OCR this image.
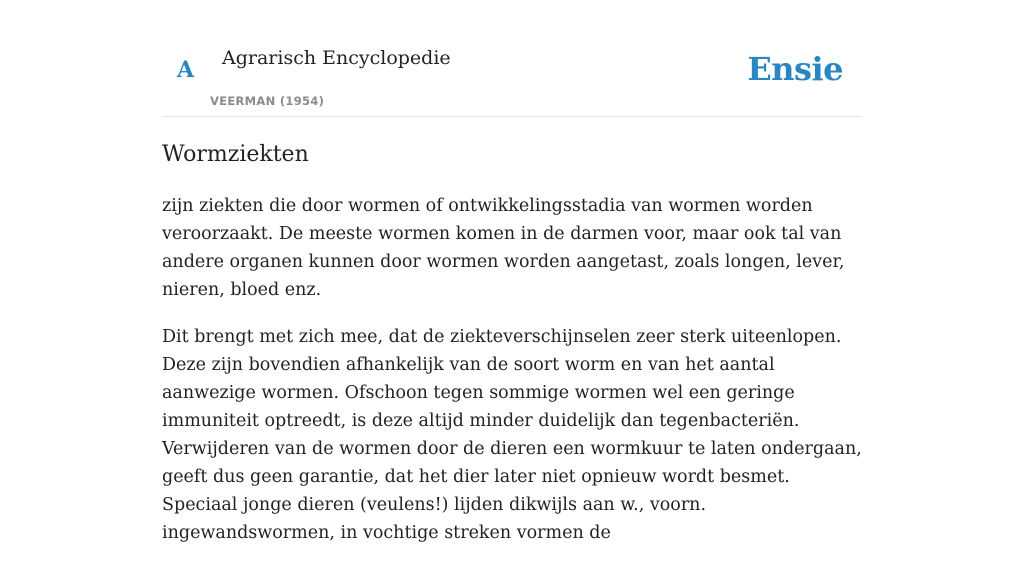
A Agrarisch Encyclopedie
VEERMAN (1954)
Ensie
Wormziekten

zijn ziekten die door wormen of ontwikkelingsstadia van wormen worden veroorzaakt. De meeste wormen komen in de darmen voor, maar ook tal van andere organen kunnen door wormen worden aangetast, zoals longen, lever, nieren, bloed enz.

Dit brengt met zich mee, dat de ziekteverschijnselen zeer sterk uiteenlopen. Deze zijn bovendien afhankelijk van de soort worm en van het aantal aanwezige wormen. Ofschoon tegen sommige wormen wel een geringe immuniteit optreedt, is deze altijd minder duidelijk dan tegenbacteriën. Verwijderen van de wormen door de dieren een wormkuur te laten ondergaan, geeft dus geen garantie, dat het dier later niet opnieuw wordt besmet. Speciaal jonge dieren (veulens!) lijden dikwijls aan w., voorn. ingewandswormen, in vochtige streken vormen de
